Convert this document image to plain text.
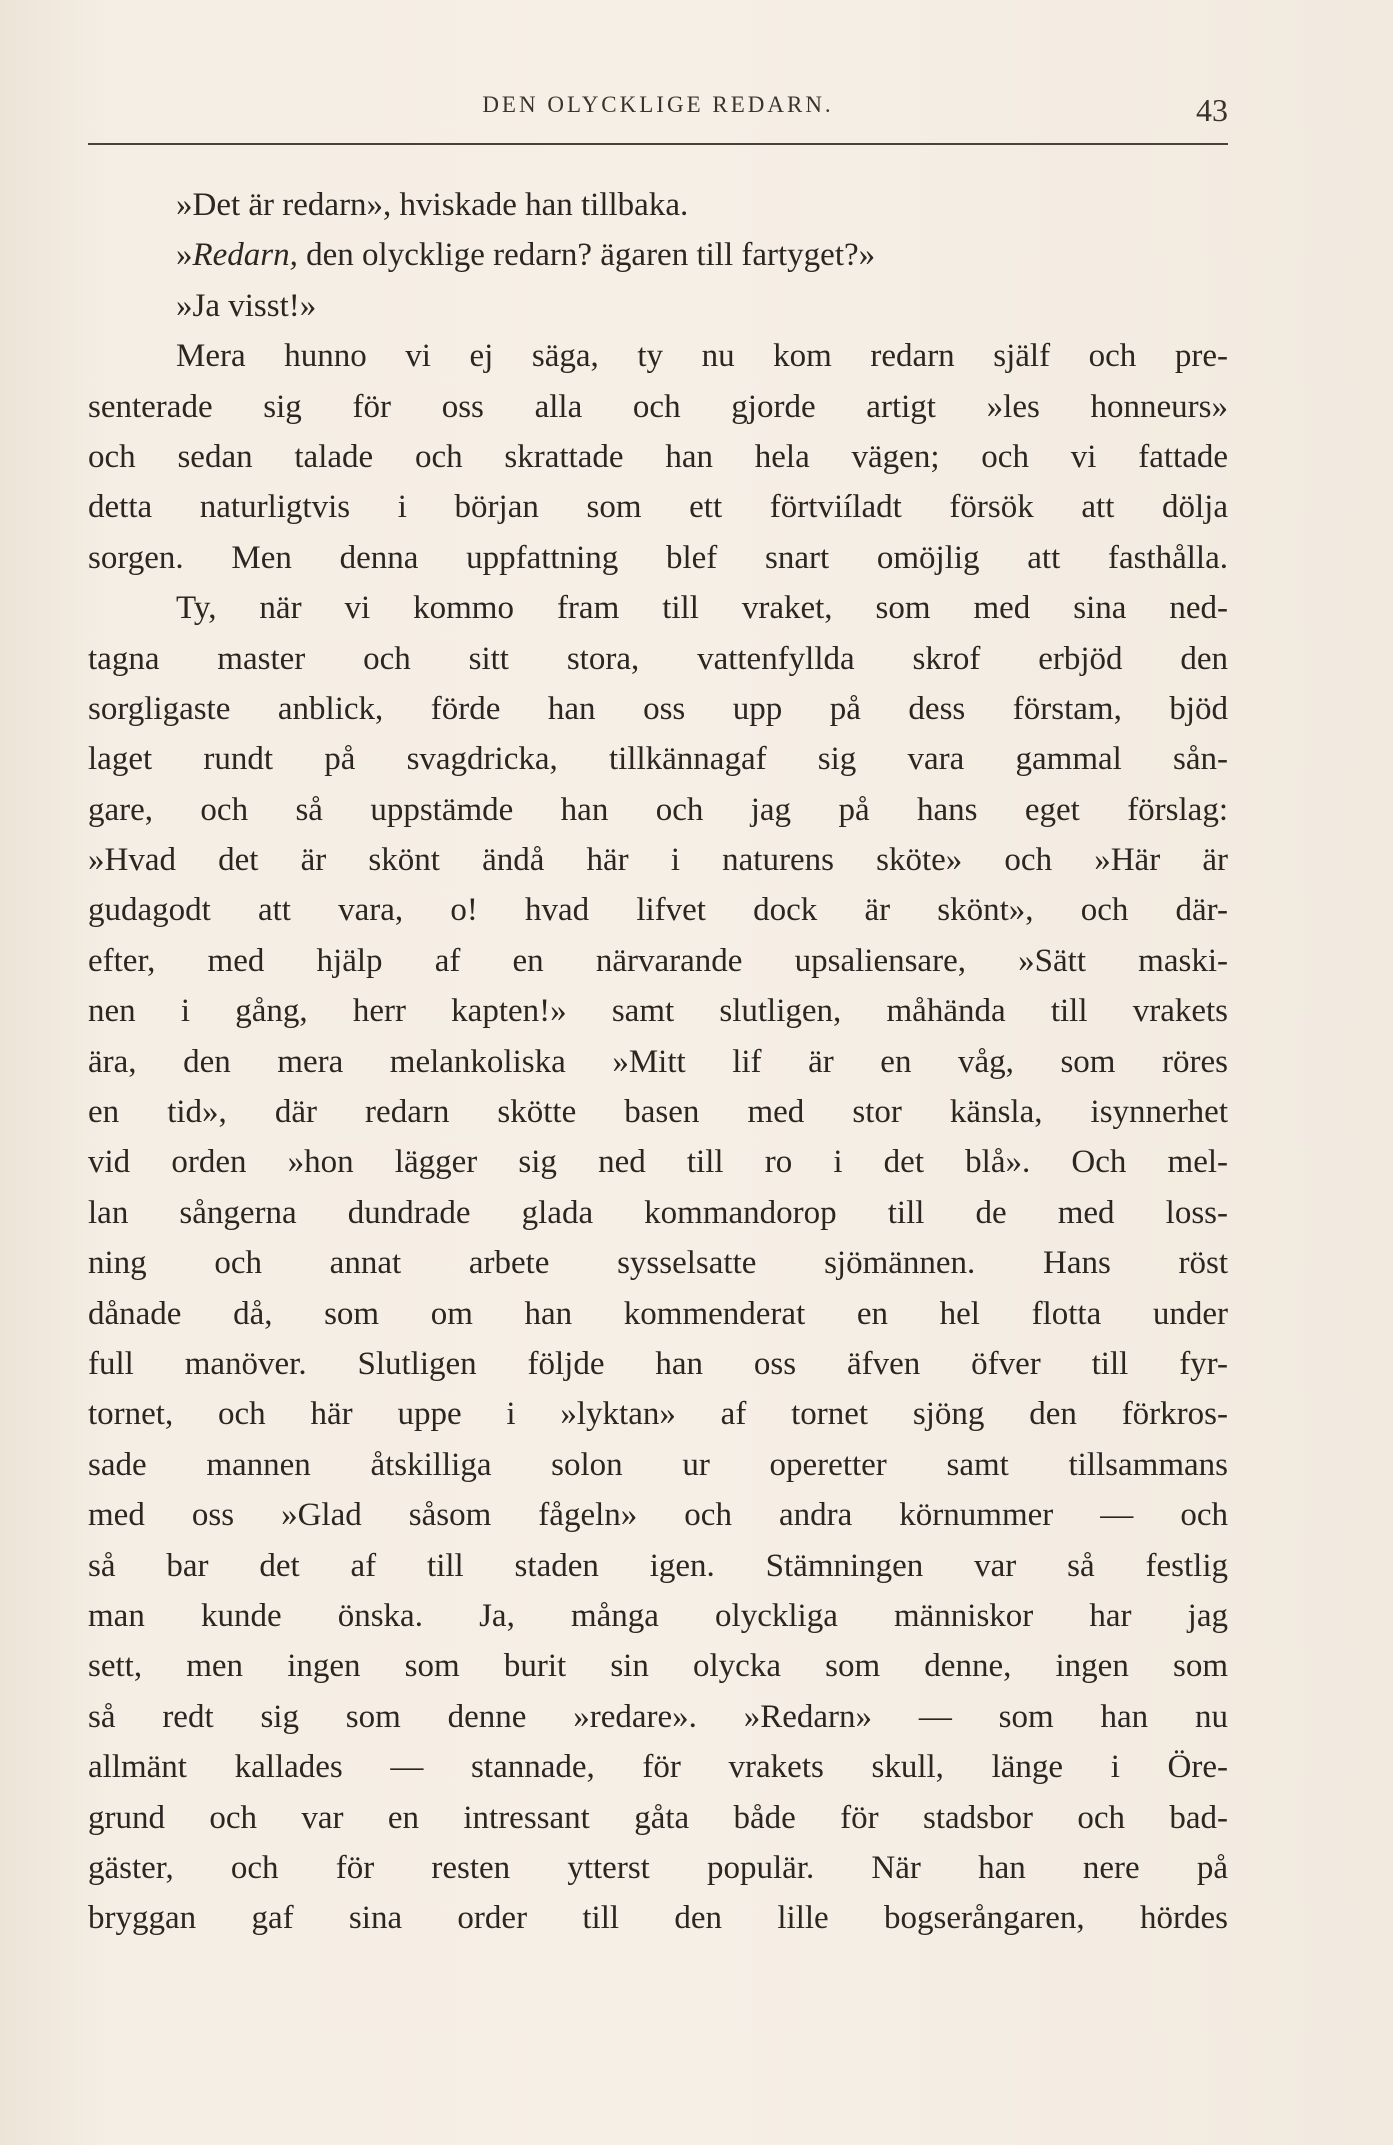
DEN OLYCKLIGE REDARN.	43
»Det är redarn», hviskade han tillbaka.
»Redarn, den olycklige redarn? ägaren till fartyget?»
»Ja visst!»
Mera hunno vi ej säga, ty nu kom redarn själf och pre-
senterade sig för oss alla och gjorde artigt »les honneurs»
och sedan talade och skrattade han hela vägen; och vi fattade
detta naturligtvis i början som ett förtviíladt försök att dölja
sorgen. Men denna uppfattning blef snart omöjlig att fasthålla.
Ty, när vi kommo fram till vraket, som med sina ned-
tagna master och sitt stora, vattenfyllda skrof erbjöd den
sorgligaste anblick, förde han oss upp på dess förstam, bjöd
laget rundt på svagdricka, tillkännagaf sig vara gammal sån-
gare, och så uppstämde han och jag på hans eget förslag:
»Hvad det är skönt ändå här i naturens sköte» och »Här är
gudagodt att vara, o! hvad lifvet dock är skönt», och där-
efter, med hjälp af en närvarande upsaliensare, »Sätt maski-
nen i gång, herr kapten!» samt slutligen, måhända till vrakets
ära, den mera melankoliska »Mitt lif är en våg, som röres
en tid», där redarn skötte basen med stor känsla, isynnerhet
vid orden »hon lägger sig ned till ro i det blå». Och mel-
lan sångerna dundrade glada kommandorop till de med loss-
ning och annat arbete sysselsatte sjömännen. Hans röst
dånade då, som om han kommenderat en hel flotta under
full manöver. Slutligen följde han oss äfven öfver till fyr-
tornet, och här uppe i »lyktan» af tornet sjöng den förkros-
sade mannen åtskilliga solon ur operetter samt tillsammans
med oss »Glad såsom fågeln» och andra körnummer — och
så bar det af till staden igen. Stämningen var så festlig
man kunde önska. Ja, många olyckliga människor har jag
sett, men ingen som burit sin olycka som denne, ingen som
så redt sig som denne »redare». »Redarn» — som han nu
allmänt kallades — stannade, för vrakets skull, länge i Öre-
grund och var en intressant gåta både för stadsbor och bad-
gäster, och för resten ytterst populär. När han nere på
bryggan gaf sina order till den lille bogserångaren, hördes
